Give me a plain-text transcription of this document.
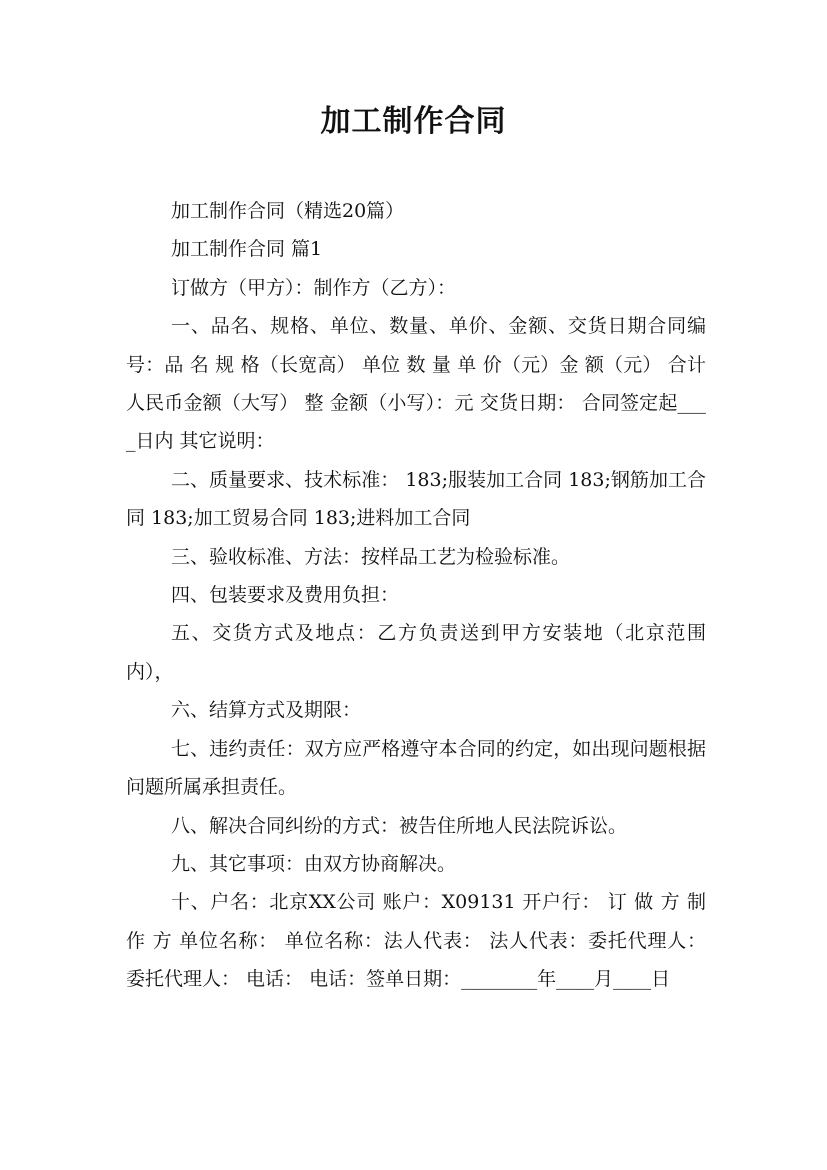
加工制作合同

加工制作合同（精选20篇）

加工制作合同 篇1

订做方（甲方）：制作方（乙方）：

一、品名、规格、单位、数量、单价、金额、交货日期合同编号：品 名 规 格（长宽高） 单位 数 量 单 价（元）金 额（元） 合计人民币金额（大写） 整 金额（小写）：元 交货日期： 合同签定起____日内 其它说明：

二、质量要求、技术标准： 183;服装加工合同 183;钢筋加工合同 183;加工贸易合同 183;进料加工合同

三、验收标准、方法：按样品工艺为检验标准。

四、包装要求及费用负担：

五、交货方式及地点：乙方负责送到甲方安装地（北京范围内），

六、结算方式及期限：

七、违约责任：双方应严格遵守本合同的约定，如出现问题根据问题所属承担责任。

八、解决合同纠纷的方式：被告住所地人民法院诉讼。

九、其它事项：由双方协商解决。

十、户名：北京XX公司 账户：X09131 开户行： 订 做 方 制 作 方 单位名称： 单位名称：法人代表： 法人代表：委托代理人： 委托代理人： 电话： 电话：签单日期：________年____月____日
